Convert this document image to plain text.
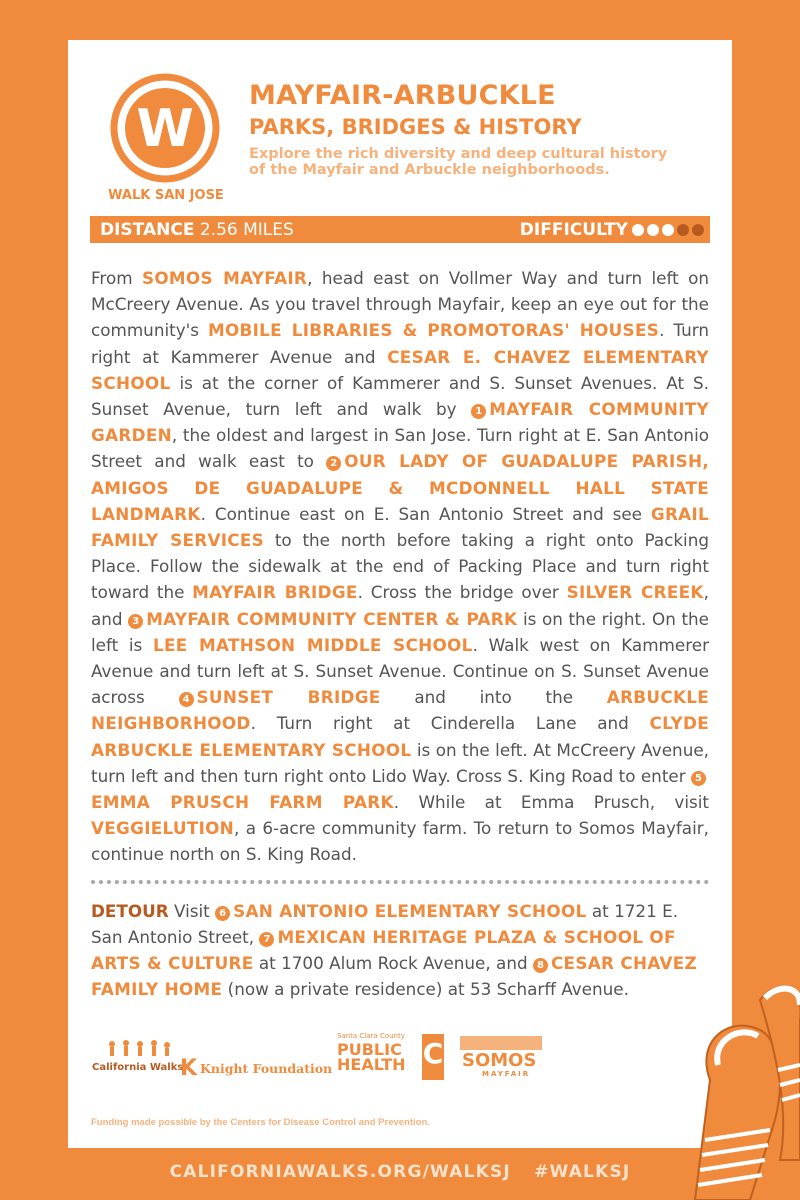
W
WALK SAN JOSE
MAYFAIR-ARBUCKLE
PARKS, BRIDGES & HISTORY
Explore the rich diversity and deep cultural history of the Mayfair and Arbuckle neighborhoods.
DISTANCE 2.56 MILES	DIFFICULTY
From SOMOS MAYFAIR, head east on Vollmer Way and turn left on McCreery Avenue. As you travel through Mayfair, keep an eye out for the community's MOBILE LIBRARIES & PROMOTORAS' HOUSES. Turn right at Kammerer Avenue and CESAR E. CHAVEZ ELEMENTARY SCHOOL is at the corner of Kammerer and S. Sunset Avenues. At S. Sunset Avenue, turn left and walk by 1 MAYFAIR COMMUNITY GARDEN, the oldest and largest in San Jose. Turn right at E. San Antonio Street and walk east to 2 OUR LADY OF GUADALUPE PARISH, AMIGOS DE GUADALUPE & MCDONNELL HALL STATE LANDMARK. Continue east on E. San Antonio Street and see GRAIL FAMILY SERVICES to the north before taking a right onto Packing Place. Follow the sidewalk at the end of Packing Place and turn right toward the MAYFAIR BRIDGE. Cross the bridge over SILVER CREEK, and 3 MAYFAIR COMMUNITY CENTER & PARK is on the right. On the left is LEE MATHSON MIDDLE SCHOOL. Walk west on Kammerer Avenue and turn left at S. Sunset Avenue. Continue on S. Sunset Avenue across 4 SUNSET BRIDGE and into the ARBUCKLE NEIGHBORHOOD. Turn right at Cinderella Lane and CLYDE ARBUCKLE ELEMENTARY SCHOOL is on the left. At McCreery Avenue, turn left and then turn right onto Lido Way. Cross S. King Road to enter 5EMMA PRUSCH FARM PARK. While at Emma Prusch, visit VEGGIELUTION, a 6-acre community farm. To return to Somos Mayfair, continue north on S. King Road.
DETOUR Visit 6 SAN ANTONIO ELEMENTARY SCHOOL at 1721 E. San Antonio Street, 7 MEXICAN HERITAGE PLAZA & SCHOOL OF ARTS & CULTURE at 1700 Alum Rock Avenue, and 8 CESAR CHAVEZ FAMILY HOME (now a private residence) at 53 Scharff Avenue.
California Walks
K Knight Foundation
Santa Clara County
PUBLIC HEALTH C SOMOS
MAYFAIR
Funding made possible by the Centers for Disease Control and Prevention.
CALIFORNIAWALKS.ORG/WALKSJ #WALKSJ
